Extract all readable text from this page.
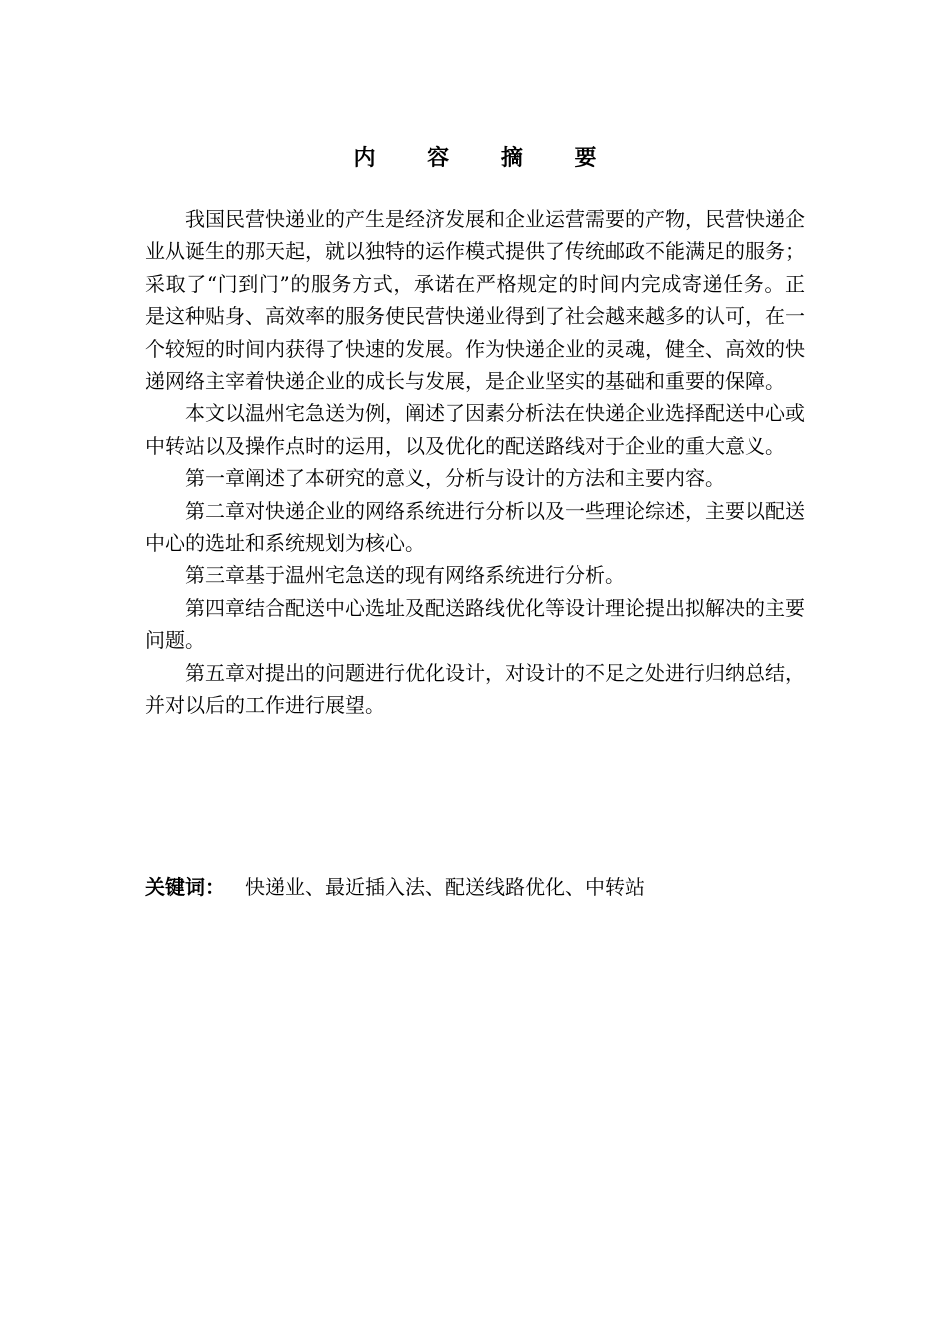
内 容 摘 要

我国民营快递业的产生是经济发展和企业运营需要的产物，民营快递企业从诞生的那天起，就以独特的运作模式提供了传统邮政不能满足的服务；采取了“门到门”的服务方式，承诺在严格规定的时间内完成寄递任务。正是这种贴身、高效率的服务使民营快递业得到了社会越来越多的认可，在一个较短的时间内获得了快速的发展。作为快递企业的灵魂，健全、高效的快递网络主宰着快递企业的成长与发展，是企业坚实的基础和重要的保障。

本文以温州宅急送为例，阐述了因素分析法在快递企业选择配送中心或中转站以及操作点时的运用，以及优化的配送路线对于企业的重大意义。

第一章阐述了本研究的意义，分析与设计的方法和主要内容。

第二章对快递企业的网络系统进行分析以及一些理论综述，主要以配送中心的选址和系统规划为核心。

第三章基于温州宅急送的现有网络系统进行分析。

第四章结合配送中心选址及配送路线优化等设计理论提出拟解决的主要问题。

第五章对提出的问题进行优化设计，对设计的不足之处进行归纳总结，并对以后的工作进行展望。

关键词： 快递业、最近插入法、配送线路优化、中转站
